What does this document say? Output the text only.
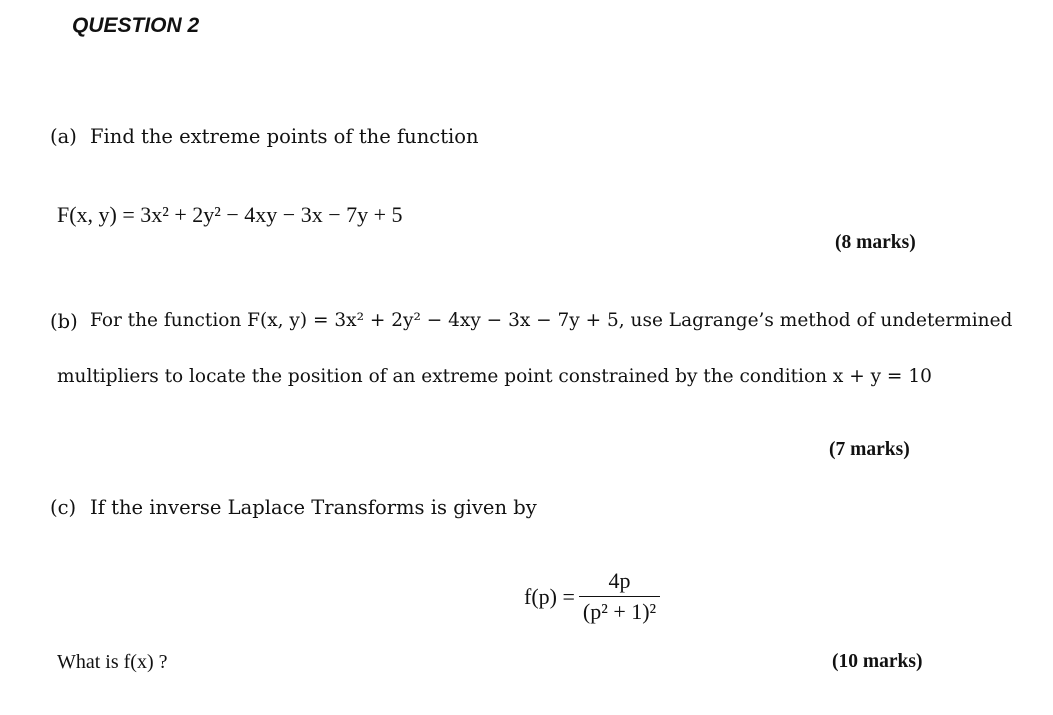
QUESTION 2
(a) Find the extreme points of the function
F(x, y) = 3x² + 2y² − 4xy − 3x − 7y + 5
(8 marks)
(b) For the function F(x, y) = 3x² + 2y² − 4xy − 3x − 7y + 5, use Lagrange’s method of undetermined
multipliers to locate the position of an extreme point constrained by the condition x + y = 10
(7 marks)
(c) If the inverse Laplace Transforms is given by
$f(p) = \frac{4p}{\text{(p² + 1)²}}$
What is f(x) ?	(10 marks)
